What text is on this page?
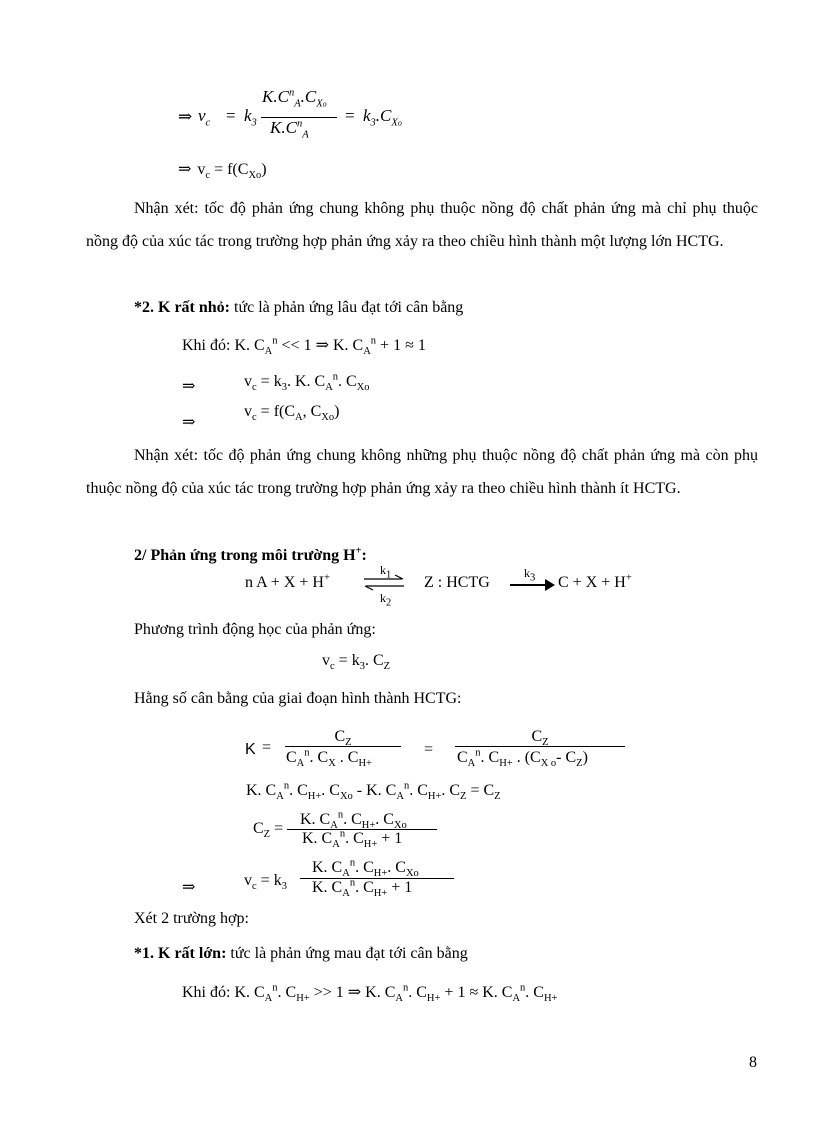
⇒ $v_c = k_3$
$K.C^n_A.C_{Xo}$
$K.C^n_A$
= $k_3.C_{Xo}$
⇒ $v_c = f(C_{Xo})$

Nhận xét: tốc độ phản ứng chung không phụ thuộc nồng độ chất phản ứng mà chỉ phụ thuộc nồng độ của xúc tác trong trường hợp phản ứng xảy ra theo chiều hình thành một lượng lớn HCTG.

*2. K rất nhỏ: tức là phản ứng lâu đạt tới cân bằng
Khi đó: K. $C_A^n << 1$ ⇒ K. $C_A^n + 1 \approx 1$
⇒	$v_c = k_3$. K. $C_A^n$. $C_{Xo}$
⇒
$v_c = f(C_A$, $C_{Xo}$)

Nhận xét: tốc độ phản ứng chung không những phụ thuộc nồng độ chất phản ứng mà còn phụ thuộc nồng độ của xúc tác trong trường hợp phản ứng xảy ra theo chiều hình thành ít HCTG.

2/ Phản ứng trong môi trường H+:
n A + X + H+
$k_1$
$k_2$
Z : HCTG
$k_3$ C + X + H+
Phương trình động học của phản ứng:
$v_c = k_3$. $C_Z$
Hằng số cân bằng của giai đoạn hình thành HCTG:
K =
$C_Z$
$C_A^n$. $C_X$ . $C_{H+}$
=
$C_Z$
$C_A^n$. $C_{H+}$ . ($C_{X o}-$ $C_Z$)
K. $C_A^n$. $C_{H+}$. $C_{Xo}$ - K. $C_A^n$. $C_{H+}$. $C_Z = C_Z$
$C_Z$ =
K. $C_A^n$. $C_{H+}$. $C_{Xo}$
K. $C_A^n$. $C_{H+} + 1$
⇒	$v_c = k_3$
K. $C_A^n$. $C_{H+}$. $C_{Xo}$
K. $C_A^n$. $C_{H+} + 1$
Xét 2 trường hợp:
*1. K rất lớn: tức là phản ứng mau đạt tới cân bằng
Khi đó: K. $C_A^n$. $C_{H+} >> 1$ ⇒ K. $C_A^n$. $C_{H+} + 1 \approx K$. $C_A^n$. $C_{H+}$
8
